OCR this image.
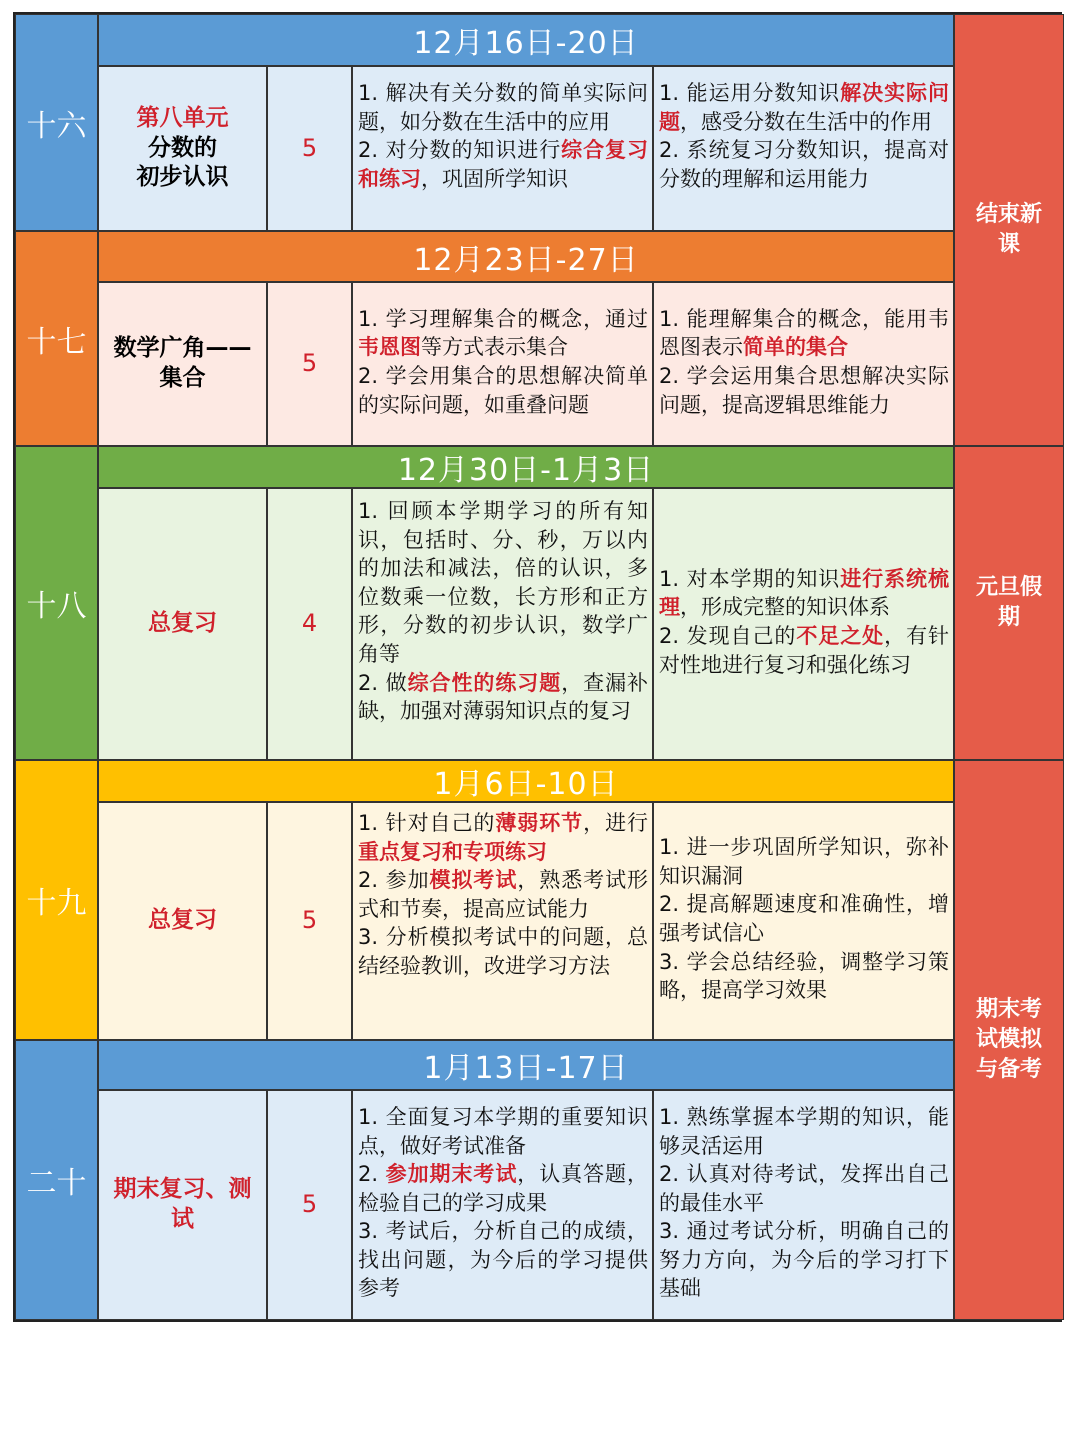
十六
12月16日-20日
第八单元
分数的
初步认识
5
1. 解决有关分数的简单实际问题，如分数在生活中的应用
2. 对分数的知识进行综合复习和练习，巩固所学知识
1. 能运用分数知识解决实际问题，感受分数在生活中的作用
2. 系统复习分数知识，提高对分数的理解和运用能力
十七
12月23日-27日
数学广角——
集合
5
1. 学习理解集合的概念，通过韦恩图等方式表示集合
2. 学会用集合的思想解决简单的实际问题，如重叠问题
1. 能理解集合的概念，能用韦恩图表示简单的集合
2. 学会运用集合思想解决实际问题，提高逻辑思维能力
结束新课
十八
12月30日-1月3日
总复习	4
1. 回顾本学期学习的所有知识，包括时、分、秒，万以内的加法和减法，倍的认识，多位数乘一位数，长方形和正方形，分数的初步认识，数学广角等
2. 做综合性的练习题，查漏补缺，加强对薄弱知识点的复习
1. 对本学期的知识进行系统梳理，形成完整的知识体系
2. 发现自己的不足之处，有针对性地进行复习和强化练习
元旦假期
十九
1月6日-10日
总复习	5
1. 针对自己的薄弱环节，进行重点复习和专项练习
2. 参加模拟考试，熟悉考试形式和节奏，提高应试能力
3. 分析模拟考试中的问题，总结经验教训，改进学习方法
1. 进一步巩固所学知识，弥补知识漏洞
2. 提高解题速度和准确性，增强考试信心
3. 学会总结经验，调整学习策略，提高学习效果
二十
1月13日-17日
期末复习、测
试
5
1. 全面复习本学期的重要知识点，做好考试准备
2. 参加期末考试，认真答题，检验自己的学习成果
3. 考试后，分析自己的成绩，找出问题，为今后的学习提供参考
1. 熟练掌握本学期的知识，能够灵活运用
2. 认真对待考试，发挥出自己的最佳水平
3. 通过考试分析，明确自己的努力方向，为今后的学习打下基础
期末考试模拟与备考
